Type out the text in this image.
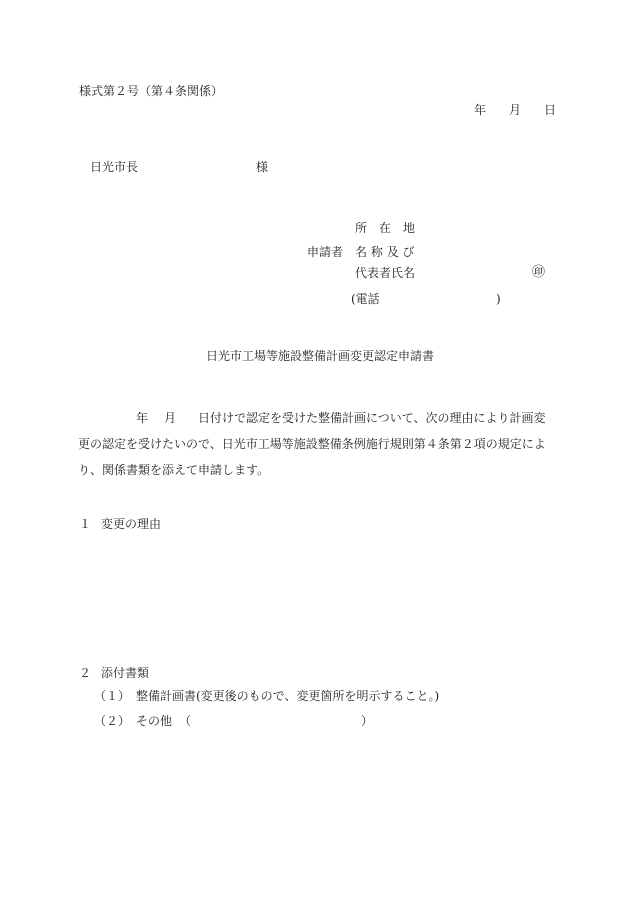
様式第２号（第４条関係）
年 月 日
日光市長	様
所　在　地
申請者 名 称 及 び
代表者氏名	㊞
(電話	)
日光市工場等施設整備計画変更認定申請書
年 月 日付けで認定を受けた整備計画について、次の理由により計画変更の認定を受けたいので、日光市工場等施設整備条例施行規則第４条第２項の規定により、関係書類を添えて申請します。
１ 変更の理由
２ 添付書類
（１） 整備計画書(変更後のもので、変更箇所を明示すること。)
（２） その他 （	）
